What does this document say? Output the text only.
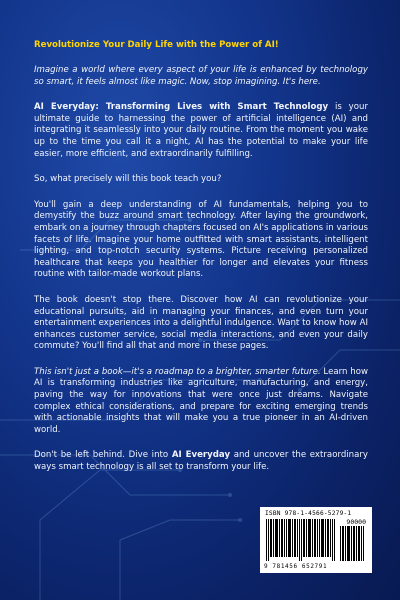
Revolutionize Your Daily Life with the Power of AI!

Imagine a world where every aspect of your life is enhanced by technology so smart, it feels almost like magic. Now, stop imagining. It's here.

AI Everyday: Transforming Lives with Smart Technology is your ultimate guide to harnessing the power of artificial intelligence (AI) and integrating it seamlessly into your daily routine. From the moment you wake up to the time you call it a night, AI has the potential to make your life easier, more efficient, and extraordinarily fulfilling.

So, what precisely will this book teach you?

You'll gain a deep understanding of AI fundamentals, helping you to demystify the buzz around smart technology. After laying the groundwork, embark on a journey through chapters focused on AI's applications in various facets of life. Imagine your home outfitted with smart assistants, intelligent lighting, and top-notch security systems. Picture receiving personalized healthcare that keeps you healthier for longer and elevates your fitness routine with tailor-made workout plans.

The book doesn't stop there. Discover how AI can revolutionize your educational pursuits, aid in managing your finances, and even turn your entertainment experiences into a delightful indulgence. Want to know how AI enhances customer service, social media interactions, and even your daily commute? You'll find all that and more in these pages.

This isn't just a book—it's a roadmap to a brighter, smarter future. Learn how AI is transforming industries like agriculture, manufacturing, and energy, paving the way for innovations that were once just dreams. Navigate complex ethical considerations, and prepare for exciting emerging trends with actionable insights that will make you a true pioneer in an AI-driven world.

Don't be left behind. Dive into AI Everyday and uncover the extraordinary ways smart technology is all set to transform your life.

ISBN 978-1-4566-5279-1
90000
9 781456 652791
